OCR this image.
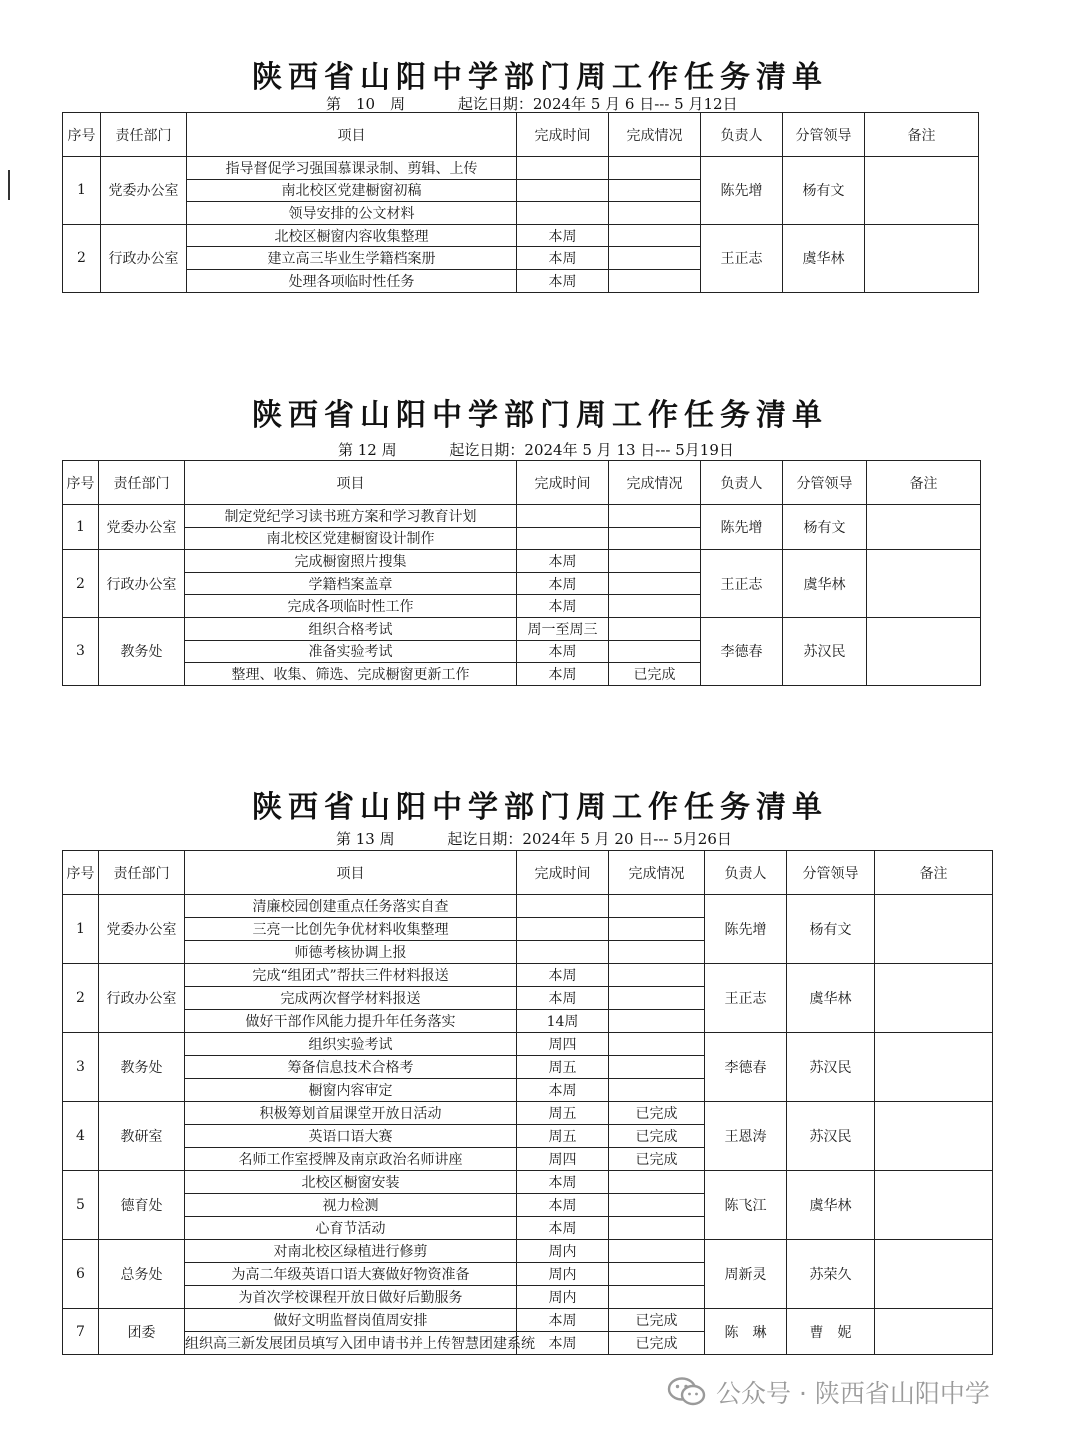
陕西省山阳中学部门周工作任务清单
第　10　周	起讫日期：2024年 5 月 6 日--- 5 月12日
序号	责任部门	项目	完成时间	完成情况	负责人	分管领导	备注
1	党委办公室	指导督促学习强国慕课录制、剪辑、上传			陈先增	杨有文	
		南北校区党建橱窗初稿					
		领导安排的公文材料					
2	行政办公室	北校区橱窗内容收集整理	本周		王正志	虞华林	
		建立高三毕业生学籍档案册	本周				
		处理各项临时性任务	本周				
陕西省山阳中学部门周工作任务清单
第 12 周	起讫日期：2024年 5 月 13 日--- 5月19日
序号	责任部门	项目	完成时间	完成情况	负责人	分管领导	备注
1	党委办公室	制定党纪学习读书班方案和学习教育计划			陈先增	杨有文	
		南北校区党建橱窗设计制作					
2	行政办公室	完成橱窗照片搜集	本周		王正志	虞华林	
		学籍档案盖章	本周				
		完成各项临时性工作	本周				
3	教务处	组织合格考试	周一至周三		李德春	苏汉民	
		准备实验考试	本周				
		整理、收集、筛选、完成橱窗更新工作	本周	已完成			
陕西省山阳中学部门周工作任务清单
第 13 周	起讫日期：2024年 5 月 20 日--- 5月26日
序号	责任部门	项目	完成时间	完成情况	负责人	分管领导	备注
1	党委办公室	清廉校园创建重点任务落实自查			陈先增	杨有文	
		三亮一比创先争优材料收集整理					
		师德考核协调上报					
2	行政办公室	完成“组团式”帮扶三件材料报送	本周		王正志	虞华林	
		完成两次督学材料报送	本周				
		做好干部作风能力提升年任务落实	14周				
3	教务处	组织实验考试	周四		李德春	苏汉民	
		筹备信息技术合格考	周五				
		橱窗内容审定	本周				
4	教研室	积极筹划首届课堂开放日活动	周五	已完成	王恩涛	苏汉民	
		英语口语大赛	周五	已完成			
		名师工作室授牌及南京政治名师讲座	周四	已完成			
5	德育处	北校区橱窗安装	本周		陈飞江	虞华林	
		视力检测	本周				
		心育节活动	本周				
6	总务处	对南北校区绿植进行修剪	周内		周新灵	苏荣久	
		为高二年级英语口语大赛做好物资准备	周内				
		为首次学校课程开放日做好后勤服务	周内				
7	团委	做好文明监督岗值周安排	本周	已完成	陈　琳	曹　妮	
		组织高三新发展团员填写入团申请书并上传智慧团建系统	本周	已完成			
公众号 · 陕西省山阳中学
